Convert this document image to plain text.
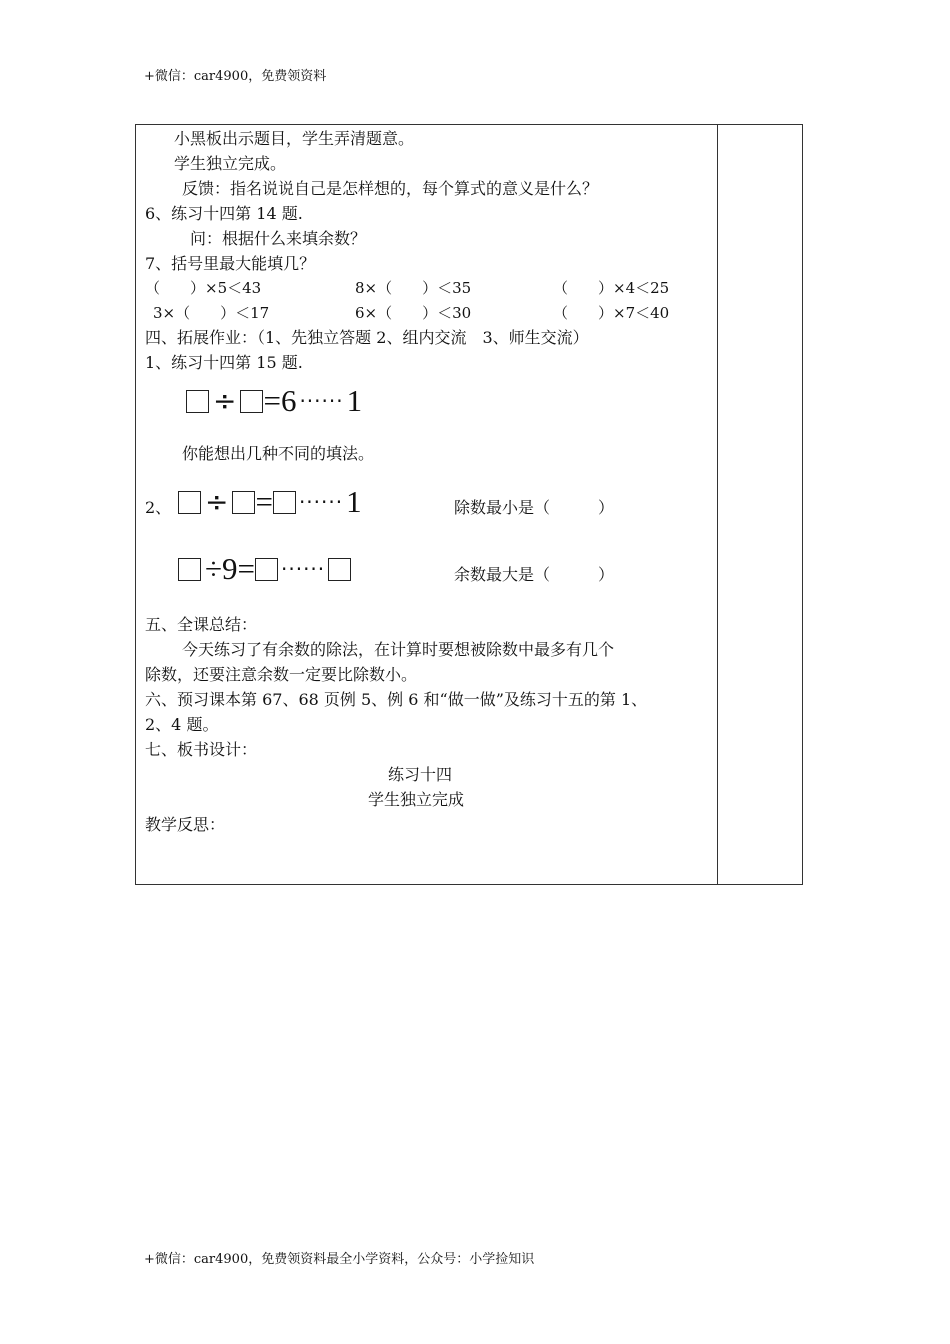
+微信：car4900，免费领资料
小黑板出示题目，学生弄清题意。
学生独立完成。
反馈：指名说说自己是怎样想的，每个算式的意义是什么？
6、练习十四第 14 题.
问：根据什么来填余数？
7、括号里最大能填几？
（　　）×5＜43	8×（　　）＜35	（　　）×4＜25
3×（　　）＜17	6×（　　）＜30	（　　）×7＜40
四、拓展作业：（1、先独立答题 2、组内交流　3、师生交流）
1、练习十四第 15 题.
÷ =6 ······ 1
你能想出几种不同的填法。
2、 ÷ = ······ 1	除数最小是（　　　）
÷9= ······	余数最大是（　　　）
五、全课总结：
今天练习了有余数的除法，在计算时要想被除数中最多有几个
除数，还要注意余数一定要比除数小。
六、预习课本第 67、68 页例 5、例 6 和“做一做”及练习十五的第 1、
2、4 题。
七、板书设计：
练习十四
学生独立完成
教学反思：
+微信：car4900，免费领资料最全小学资料，公众号：小学捡知识
